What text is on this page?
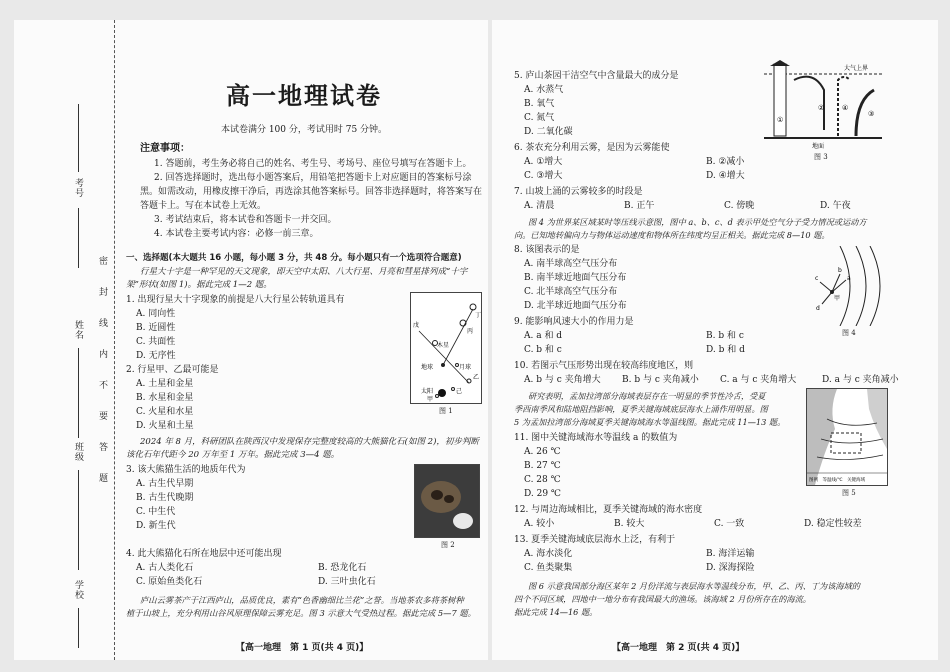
考号
姓名
班级
学校
密封线内不要答题
高一地理试卷
本试卷满分 100 分，考试用时 75 分钟。
注意事项：
1. 答题前，考生务必将自己的姓名、考生号、考场号、座位号填写在答题卡上。
2. 回答选择题时，选出每小题答案后，用铅笔把答题卡上对应题目的答案标号涂
黑。如需改动，用橡皮擦干净后，再选涂其他答案标号。回答非选择题时，将答案写在
答题卡上。写在本试卷上无效。
3. 考试结束后，将本试卷和答题卡一并交回。
4. 本试卷主要考试内容：必修一前三章。
一、选择题(本大题共 16 小题，每小题 3 分，共 48 分。每小题只有一个选项符合题意)
行星大十字是一种罕见的天文现象，即天空中太阳、八大行星、月亮和彗星排列成“十字
架”形状(如图 1)。据此完成 1—2 题。
1. 出现行星大十字现象的前提是八大行星公转轨道具有
A. 同向性
B. 近圆性
C. 共面性
D. 无序性
2. 行星甲、乙最可能是
A. 土星和金星
B. 水星和金星
C. 火星和水星
D. 火星和土星
丁
丙
戊
木星
地球	月球
乙
太阳	己
甲
图 1
2024 年 8 月，科研团队在陕西汉中发现保存完整度较高的大熊猫化石(如图 2)，初步判断
该化石年代距今 20 万年至 1 万年。据此完成 3—4 题。
3. 该大熊猫生活的地质年代为
A. 古生代早期
B. 古生代晚期
C. 中生代
D. 新生代
图 2
4. 此大熊猫化石所在地层中还可能出现
A. 古人类化石	B. 恐龙化石
C. 原始鱼类化石	D. 三叶虫化石
庐山云雾茶产于江西庐山，品质优良，素有“色香幽细比兰花”之誉。当地茶农多将茶树种
植于山坡上，充分利用山谷风原理保障云雾充足。图 3 示意大气受热过程。据此完成 5—7 题。
【高一地理　第 1 页(共 4 页)】
5. 庐山茶园干洁空气中含量最大的成分是
A. 水蒸气
B. 氧气
C. 氮气
D. 二氧化碳
大气上界
①
②	④
③
地面
图 3
6. 茶农充分利用云雾，是因为云雾能使
A. ①增大	B. ②减小
C. ③增大	D. ④增大
7. 山坡上涌的云雾较多的时段是
A. 清晨	B. 正午	C. 傍晚	D. 午夜
图 4 为世界某区域某时等压线示意图，图中 a、b、c、d 表示甲处空气分子受力情况或运动方
向。已知地转偏向力与物体运动速度和物体所在纬度均呈正相关。据此完成 8—10 题。
8. 该图表示的是
A. 南半球高空气压分布
B. 南半球近地面气压分布
C. 北半球高空气压分布
D. 北半球近地面气压分布
a
b
c
d
甲
图 4
9. 能影响风速大小的作用力是
A. a 和 d	B. b 和 c
C. b 和 c	D. b 和 d
10. 若图示气压形势出现在较高纬度地区，则
A. b 与 c 夹角增大 B. b 与 c 夹角减小 C. a 与 c 夹角增大	D. a 与 c 夹角减小
研究表明，孟加拉湾部分海域表层存在一明显的季节性冷舌，受夏
季西南季风和陆地阻挡影响，夏季关键海域底层海水上涌作用明显。图
5 为孟加拉湾部分海域夏季关键海域海水等温线图。据此完成 11—13 题。
图例　等温线/℃　关键海域
图 5
11. 图中关键海域海水等温线 a 的数值为
A. 26 ℃
B. 27 ℃
C. 28 ℃
D. 29 ℃
12. 与周边海域相比，夏季关键海域的海水密度
A. 较小	B. 较大	C. 一致	D. 稳定性较差
13. 夏季关键海域底层海水上泛，有利于
A. 海水淡化	B. 海洋运输
C. 鱼类聚集	D. 深海探险
图 6 示意我国部分海区某年 2 月份洋流与表层海水等温线分布，甲、乙、丙、丁为该海域的
四个不同区域，四地中一地分布有我国最大的渔场。该海域 2 月份所存在的海流。
据此完成 14—16 题。
【高一地理　第 2 页(共 4 页)】
